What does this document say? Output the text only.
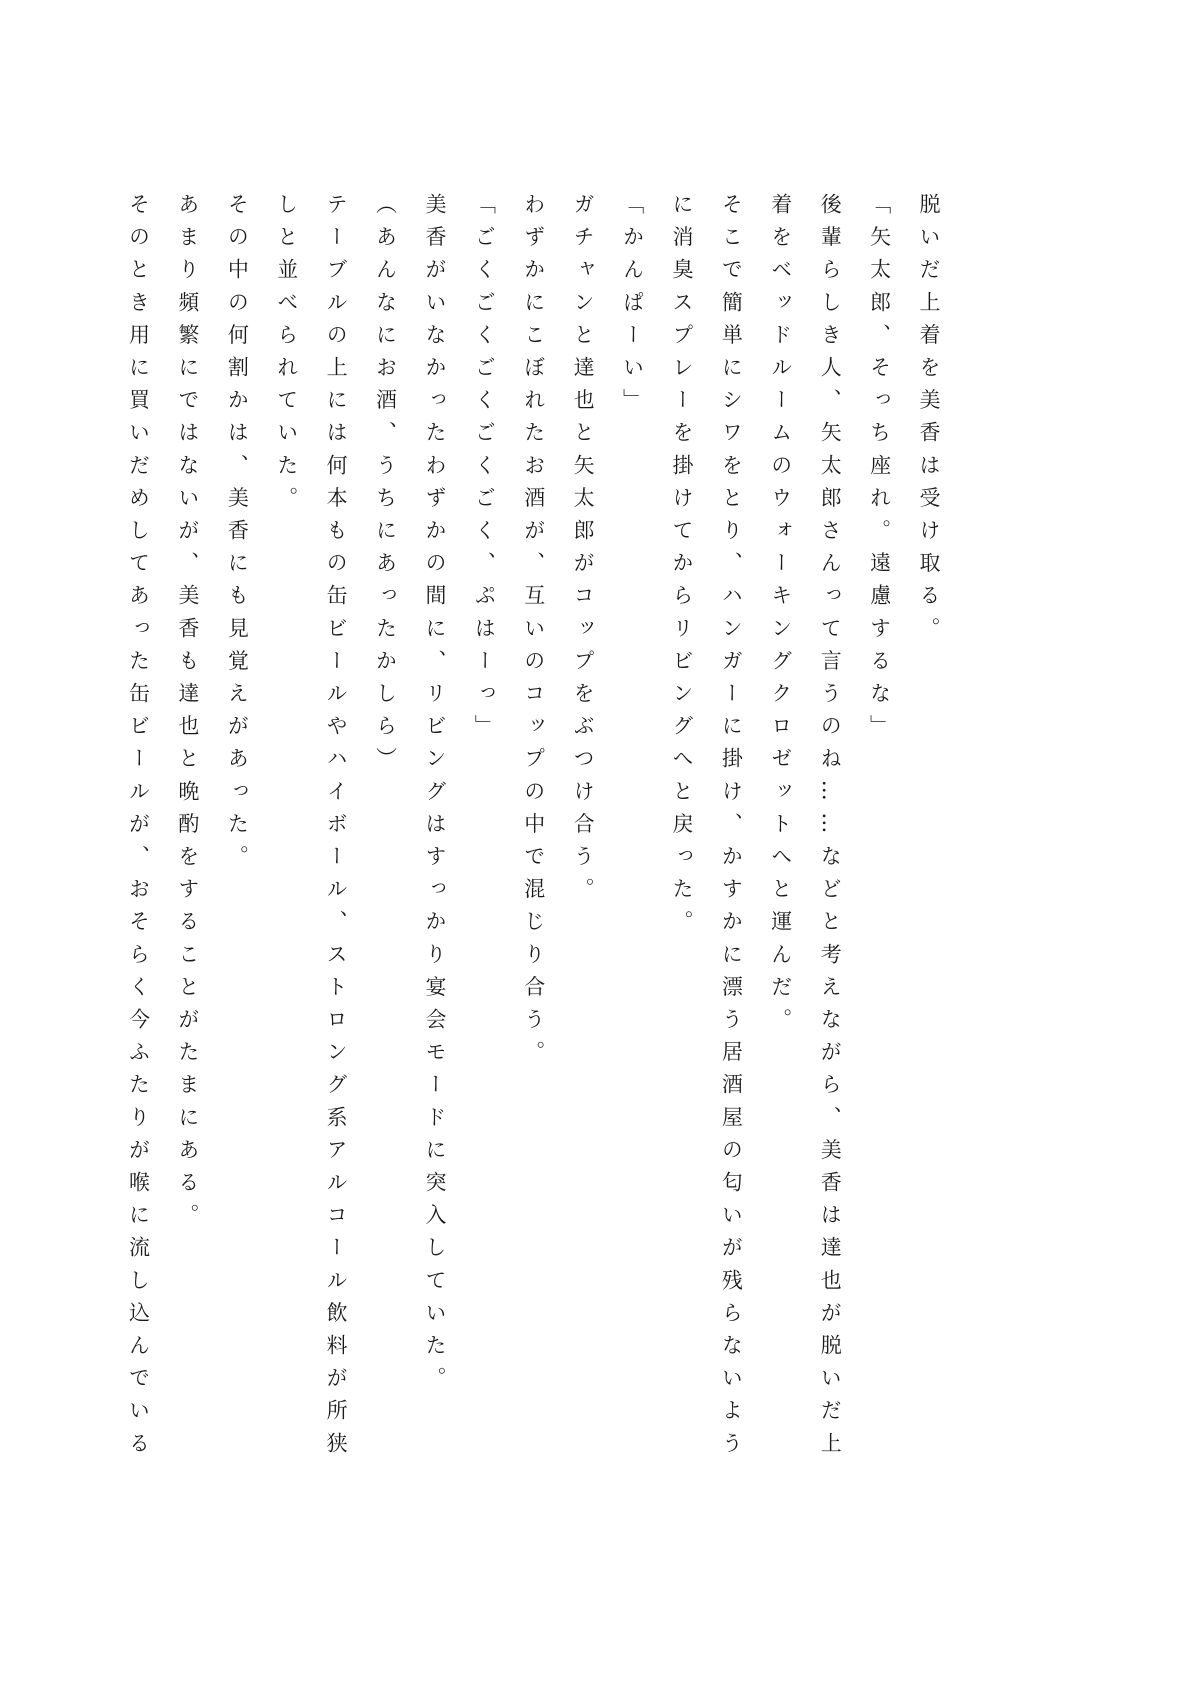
脱いだ上着を美香は受け取る。

「矢太郎、そっち座れ。遠慮するな」

後輩らしき人、矢太郎さんって言うのね……などと考えながら、美香は達也が脱いだ上

着をベッドルームのウォーキングクロゼットへと運んだ。

そこで簡単にシワをとり、ハンガーに掛け、かすかに漂う居酒屋の匂いが残らないよう

に消臭スプレーを掛けてからリビングへと戻った。

「かんぱーい」

ガチャンと達也と矢太郎がコップをぶつけ合う。

わずかにこぼれたお酒が、互いのコップの中で混じり合う。

「ごくごくごくごくごく、ぷはーっ」

美香がいなかったわずかの間に、リビングはすっかり宴会モードに突入していた。

（あんなにお酒、うちにあったかしら）

テーブルの上には何本もの缶ビールやハイボール、ストロング系アルコール飲料が所狭

しと並べられていた。

その中の何割かは、美香にも見覚えがあった。

あまり頻繁にではないが、美香も達也と晩酌をすることがたまにある。

そのとき用に買いだめしてあった缶ビールが、おそらく今ふたりが喉に流し込んでいる
